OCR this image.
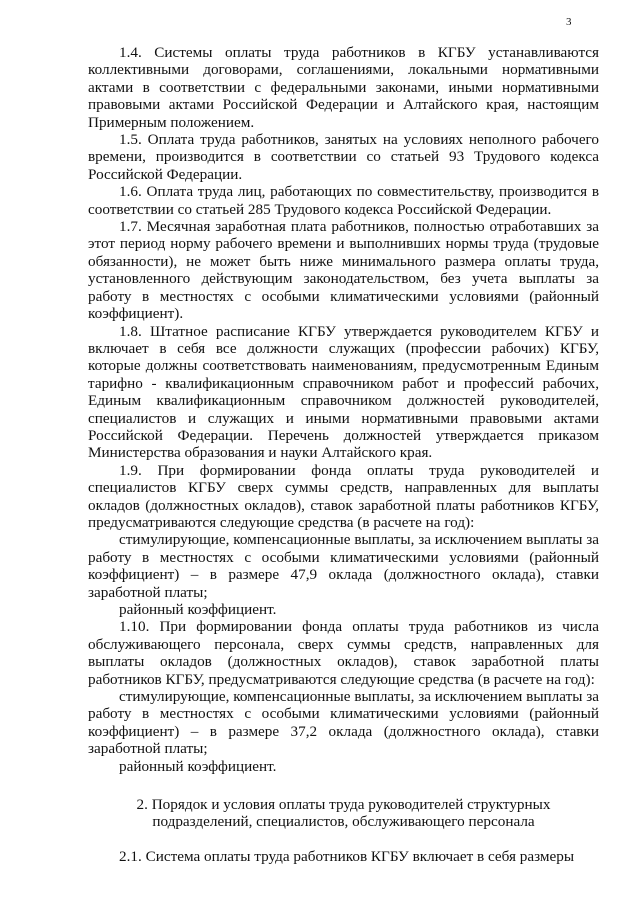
3

1.4. Системы оплаты труда работников в КГБУ устанавливаются коллективными договорами, соглашениями, локальными нормативными актами в соответствии с федеральными законами, иными нормативными правовыми актами Российской Федерации и Алтайского края, настоящим Примерным положением.

1.5. Оплата труда работников, занятых на условиях неполного рабочего времени, производится в соответствии со статьей 93 Трудового кодекса Российской Федерации.

1.6. Оплата труда лиц, работающих по совместительству, производится в соответствии со статьей 285 Трудового кодекса Российской Федерации.

1.7. Месячная заработная плата работников, полностью отработавших за этот период норму рабочего времени и выполнивших нормы труда (трудовые обязанности), не может быть ниже минимального размера оплаты труда, установленного действующим законодательством, без учета выплаты за работу в местностях с особыми климатическими условиями (районный коэффициент).

1.8. Штатное расписание КГБУ утверждается руководителем КГБУ и включает в себя все должности служащих (профессии рабочих) КГБУ, которые должны соответствовать наименованиям, предусмотренным Единым тарифно - квалификационным справочником работ и профессий рабочих, Единым квалификационным справочником должностей руководителей, специалистов и служащих и иными нормативными правовыми актами Российской Федерации. Перечень должностей утверждается приказом Министерства образования и науки Алтайского края.

1.9. При формировании фонда оплаты труда руководителей и специалистов КГБУ сверх суммы средств, направленных для выплаты окладов (должностных окладов), ставок заработной платы работников КГБУ, предусматриваются следующие средства (в расчете на год):

стимулирующие, компенсационные выплаты, за исключением выплаты за работу в местностях с особыми климатическими условиями (районный коэффициент) – в размере 47,9 оклада (должностного оклада), ставки заработной платы;

районный коэффициент.

1.10. При формировании фонда оплаты труда работников из числа обслуживающего персонала, сверх суммы средств, направленных для выплаты окладов (должностных окладов), ставок заработной платы работников КГБУ, предусматриваются следующие средства (в расчете на год):

стимулирующие, компенсационные выплаты, за исключением выплаты за работу в местностях с особыми климатическими условиями (районный коэффициент) – в размере 37,2 оклада (должностного оклада), ставки заработной платы;

районный коэффициент.

2. Порядок и условия оплаты труда руководителей структурных подразделений, специалистов, обслуживающего персонала

2.1. Система оплаты труда работников КГБУ включает в себя размеры
